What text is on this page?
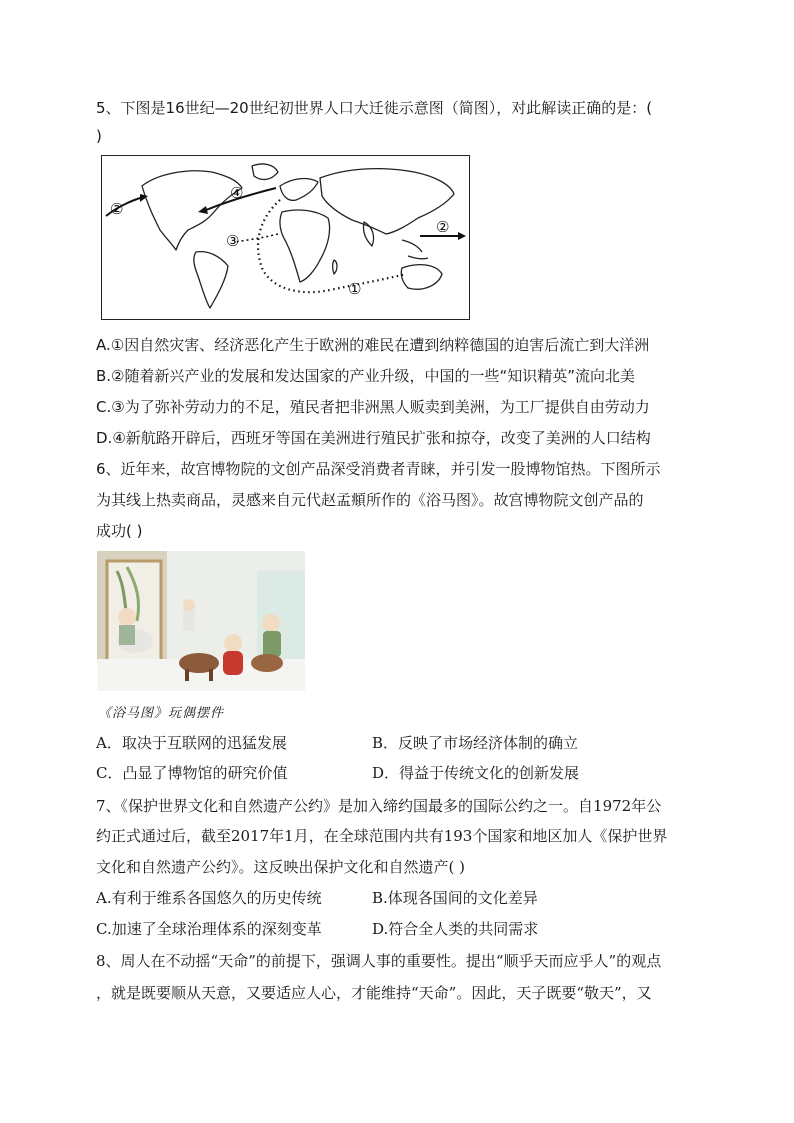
5、下图是16世纪—20世纪初世界人口大迁徙示意图（简图），对此解读正确的是：(
)
②
④
③
①
②
A.①因自然灾害、经济恶化产生于欧洲的难民在遭到纳粹德国的迫害后流亡到大洋洲
B.②随着新兴产业的发展和发达国家的产业升级，中国的一些“知识精英”流向北美
C.③为了弥补劳动力的不足，殖民者把非洲黑人贩卖到美洲，为工厂提供自由劳动力
D.④新航路开辟后，西班牙等国在美洲进行殖民扩张和掠夺，改变了美洲的人口结构
6、近年来，故宫博物院的文创产品深受消费者青睐，并引发一股博物馆热。下图所示
为其线上热卖商品，灵感来自元代赵孟頫所作的《浴马图》。故宫博物院文创产品的
成功( )
《浴马图》玩偶摆件
A．取决于互联网的迅猛发展	B．反映了市场经济体制的确立
C．凸显了博物馆的研究价值	D．得益于传统文化的创新发展
7、《保护世界文化和自然遗产公约》是加入缔约国最多的国际公约之一。自1972年公
约正式通过后，截至2017年1月，在全球范围内共有193个国家和地区加人《保护世界
文化和自然遗产公约》。这反映出保护文化和自然遗产( )
A.有利于维系各国悠久的历史传统	B.体现各国间的文化差异
C.加速了全球治理体系的深刻变革	D.符合全人类的共同需求
8、周人在不动摇“天命”的前提下，强调人事的重要性。提出“顺乎天而应乎人”的观点
，就是既要顺从天意，又要适应人心，才能维持“天命”。因此，天子既要“敬天”，又
